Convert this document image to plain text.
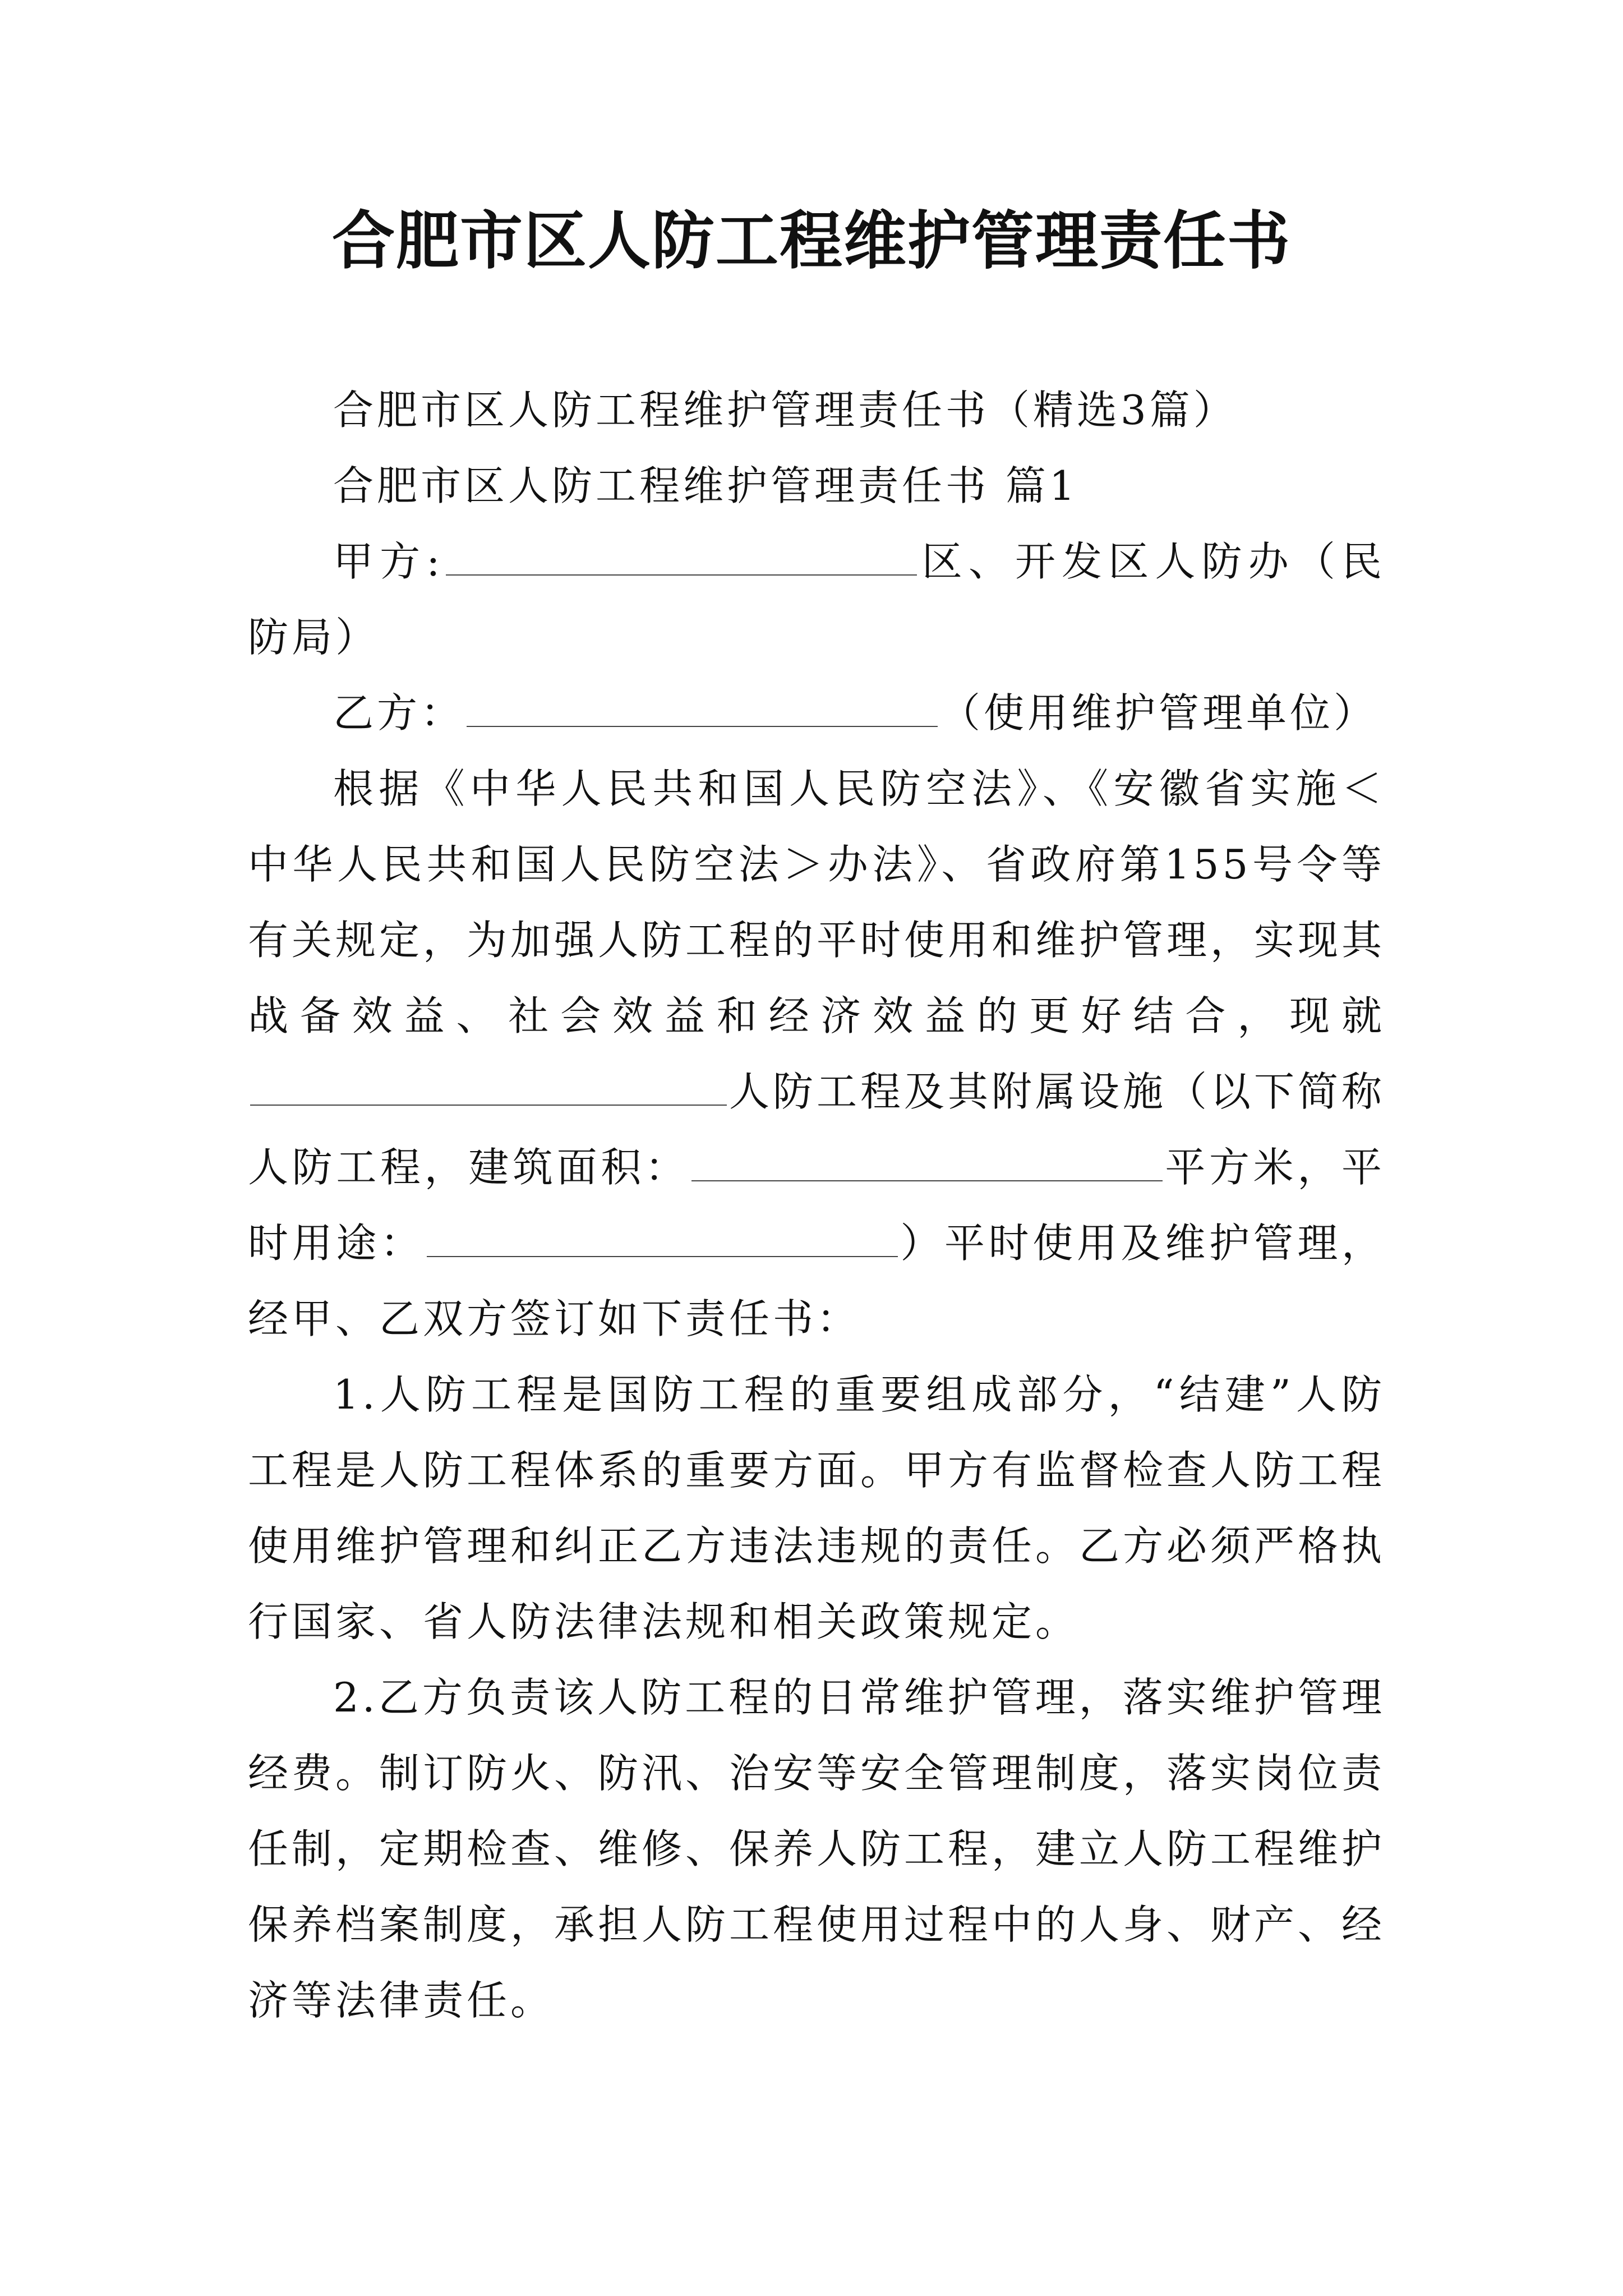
合肥市区人防工程维护管理责任书

合肥市区人防工程维护管理责任书（精选3篇）

合肥市区人防工程维护管理责任书 篇1

甲方:	区、开发区人防办（民防局）

乙方：	（使用维护管理单位）

根据《中华人民共和国人民防空法》、《安徽省实施＜中华人民共和国人民防空法＞办法》、省政府第155号令等有关规定，为加强人防工程的平时使用和维护管理，实现其战备效益、社会效益和经济效益的更好结合，现就人防工程及其附属设施（以下简称人防工程，建筑面积：	平方米，平时用途：	）平时使用及维护管理，经甲、乙双方签订如下责任书：

1.人防工程是国防工程的重要组成部分，“结建”人防工程是人防工程体系的重要方面。甲方有监督检查人防工程使用维护管理和纠正乙方违法违规的责任。乙方必须严格执行国家、省人防法律法规和相关政策规定。

2.乙方负责该人防工程的日常维护管理，落实维护管理经费。制订防火、防汛、治安等安全管理制度，落实岗位责任制，定期检查、维修、保养人防工程，建立人防工程维护保养档案制度，承担人防工程使用过程中的人身、财产、经济等法律责任。
